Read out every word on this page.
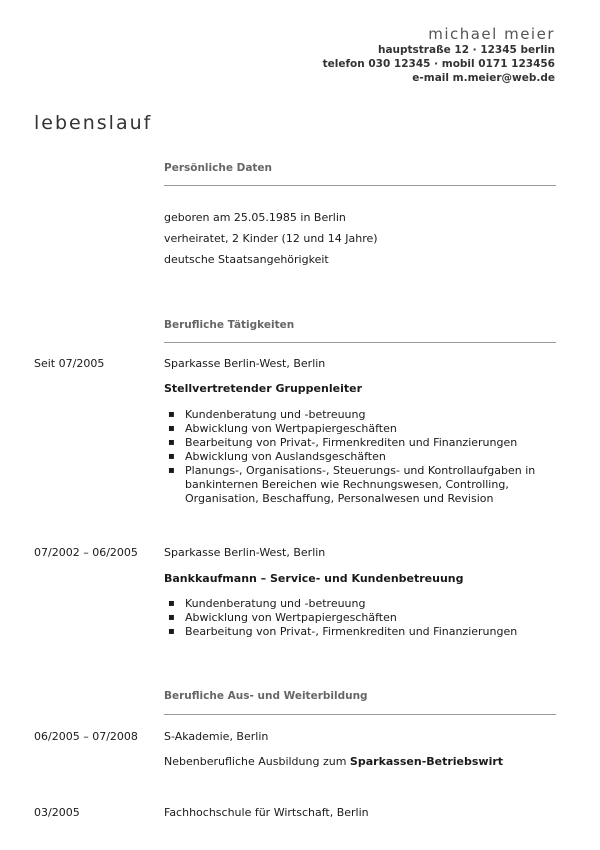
michael meier
hauptstraße 12 · 12345 berlin
telefon 030 12345 · mobil 0171 123456
e-mail m.meier@web.de
lebenslauf
Persönliche Daten
geboren am 25.05.1985 in Berlin
verheiratet, 2 Kinder (12 und 14 Jahre)
deutsche Staatsangehörigkeit
Berufliche Tätigkeiten
Seit 07/2005	Sparkasse Berlin-West, Berlin
Stellvertretender Gruppenleiter
▪ Kundenberatung und -betreuung
▪ Abwicklung von Wertpapiergeschäften
▪ Bearbeitung von Privat-, Firmenkrediten und Finanzierungen
▪ Abwicklung von Auslandsgeschäften
▪ Planungs-, Organisations-, Steuerungs- und Kontrollaufgaben in bankinternen Bereichen wie Rechnungswesen, Controlling, Organisation, Beschaffung, Personalwesen und Revision
07/2002 – 06/2005 Sparkasse Berlin-West, Berlin
Bankkaufmann – Service- und Kundenbetreuung
▪ Kundenberatung und -betreuung
▪ Abwicklung von Wertpapiergeschäften
▪ Bearbeitung von Privat-, Firmenkrediten und Finanzierungen
Berufliche Aus- und Weiterbildung
06/2005 – 07/2008 S-Akademie, Berlin
Nebenberufliche Ausbildung zum Sparkassen-Betriebswirt
03/2005	Fachhochschule für Wirtschaft, Berlin
